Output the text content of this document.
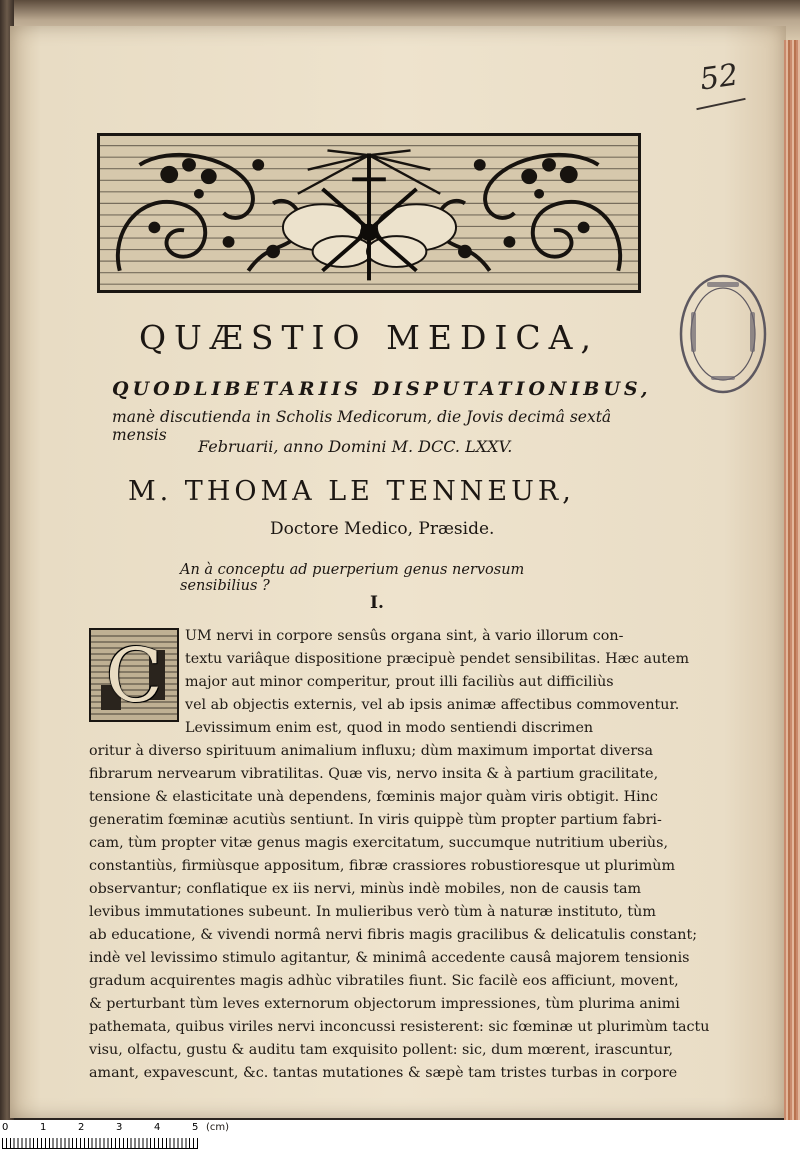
52
QUÆSTIO MEDICA,
QUODLIBETARIIS DISPUTATIONIBUS,
manè discutienda in Scholis Medicorum, die Jovis decimâ sextâ mensis
Februarii, anno Domini M. DCC. LXXV.
M. THOMA LE TENNEUR,
Doctore Medico, Præside.
An à conceptu ad puerperium genus nervosum sensibilius ?
I.
C	UM nervi in corpore sensûs organa sint, à vario illorum con-
textu variâque dispositione præcipuè pendet sensibilitas. Hæc autem
major aut minor comperitur, prout illi faciliùs aut difficiliùs
vel ab objectis externis, vel ab ipsis animæ affectibus commoventur.
Levissimum enim est, quod in modo sentiendi discrimen
oritur à diverso spirituum animalium influxu; dùm maximum importat diversa
fibrarum nervearum vibratilitas. Quæ vis, nervo insita & à partium gracilitate,
tensione & elasticitate unà dependens, fœminis major quàm viris obtigit. Hinc
generatim fœminæ acutiùs sentiunt. In viris quippè tùm propter partium fabri-
cam, tùm propter vitæ genus magis exercitatum, succumque nutritium uberiùs,
constantiùs, firmiùsque appositum, fibræ crassiores robustioresque ut plurimùm
observantur; conflatique ex iis nervi, minùs indè mobiles, non de causis tam
levibus immutationes subeunt. In mulieribus verò tùm à naturæ instituto, tùm
ab educatione, & vivendi normâ nervi fibris magis gracilibus & delicatulis constant;
indè vel levissimo stimulo agitantur, & minimâ accedente causâ majorem tensionis
gradum acquirentes magis adhùc vibratiles fiunt. Sic facilè eos afficiunt, movent,
& perturbant tùm leves externorum objectorum impressiones, tùm plurima animi
pathemata, quibus viriles nervi inconcussi resisterent: sic fœminæ ut plurimùm tactu
visu, olfactu, gustu & auditu tam exquisito pollent: sic, dum mœrent, irascuntur,
amant, expavescunt, &c. tantas mutationes & sæpè tam tristes turbas in corpore
0	1	2	3	4	5 (cm)
